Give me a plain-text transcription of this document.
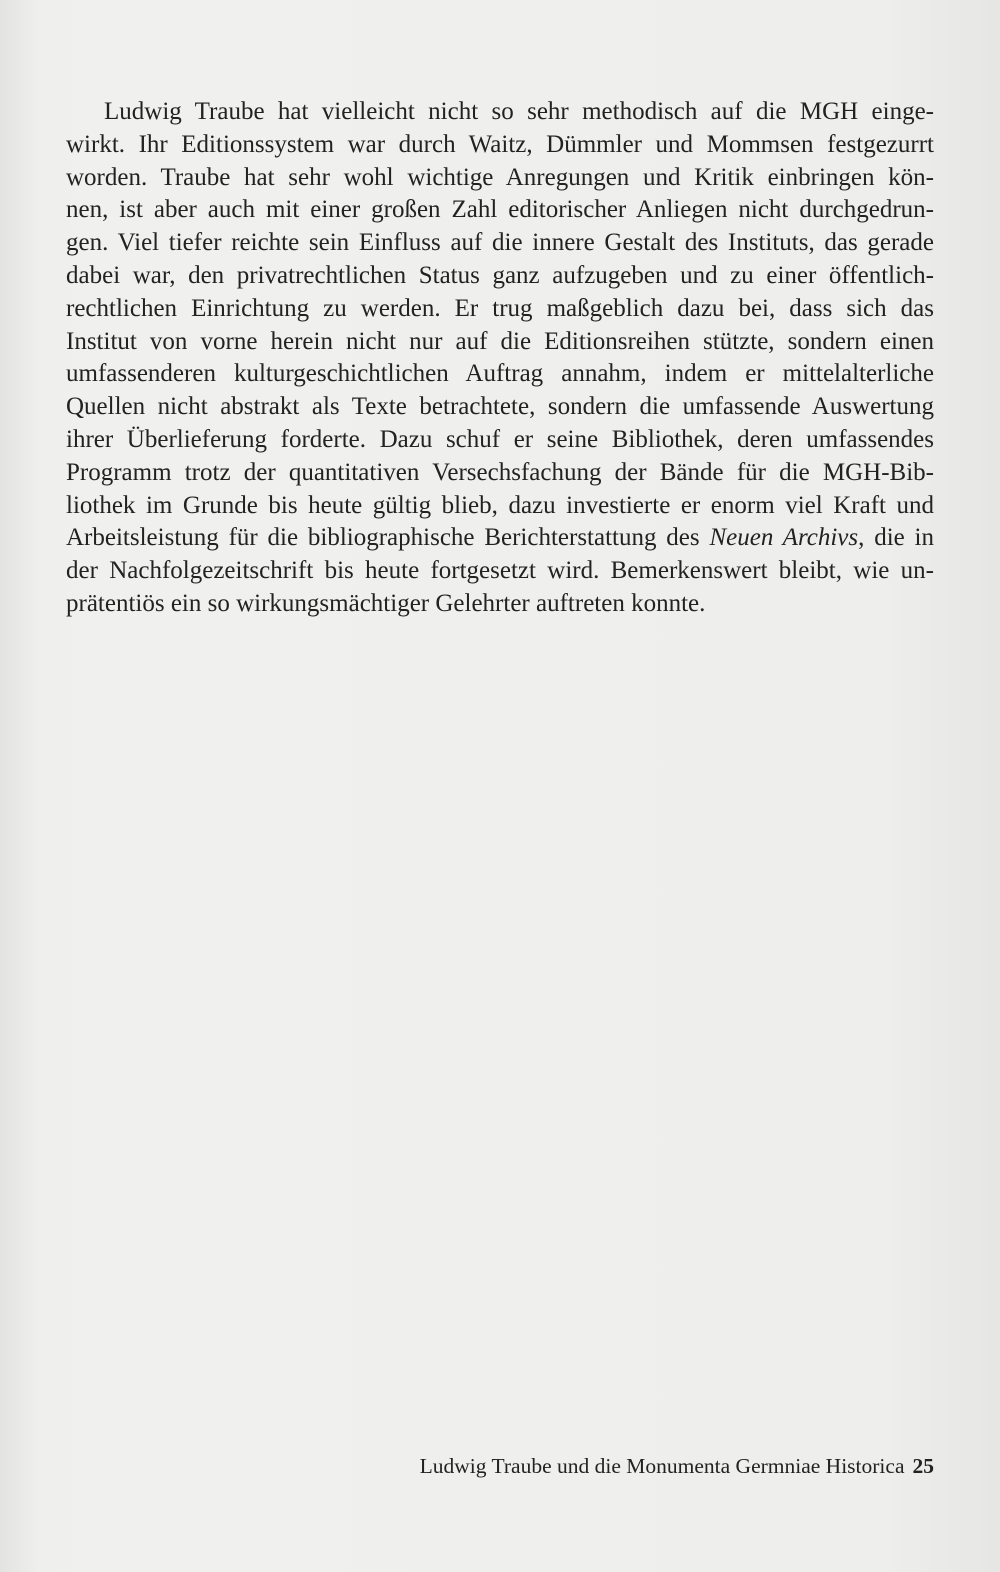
Ludwig Traube hat vielleicht nicht so sehr methodisch auf die MGH einge-
wirkt. Ihr Editionssystem war durch Waitz, Dümmler und Mommsen festgezurrt
worden. Traube hat sehr wohl wichtige Anregungen und Kritik einbringen kön-
nen, ist aber auch mit einer großen Zahl editorischer Anliegen nicht durchgedrun-
gen. Viel tiefer reichte sein Einfluss auf die innere Gestalt des Instituts, das gerade
dabei war, den privatrechtlichen Status ganz aufzugeben und zu einer öffentlich-
rechtlichen Einrichtung zu werden. Er trug maßgeblich dazu bei, dass sich das
Institut von vorne herein nicht nur auf die Editionsreihen stützte, sondern einen
umfassenderen kulturgeschichtlichen Auftrag annahm, indem er mittelalterliche
Quellen nicht abstrakt als Texte betrachtete, sondern die umfassende Auswertung
ihrer Überlieferung forderte. Dazu schuf er seine Bibliothek, deren umfassendes
Programm trotz der quantitativen Versechsfachung der Bände für die MGH-Bib-
liothek im Grunde bis heute gültig blieb, dazu investierte er enorm viel Kraft und
Arbeitsleistung für die bibliographische Berichterstattung des Neuen Archivs, die in
der Nachfolgezeitschrift bis heute fortgesetzt wird. Bemerkenswert bleibt, wie un-
prätentiös ein so wirkungsmächtiger Gelehrter auftreten konnte.
Ludwig Traube und die Monumenta Germniae Historica 25
